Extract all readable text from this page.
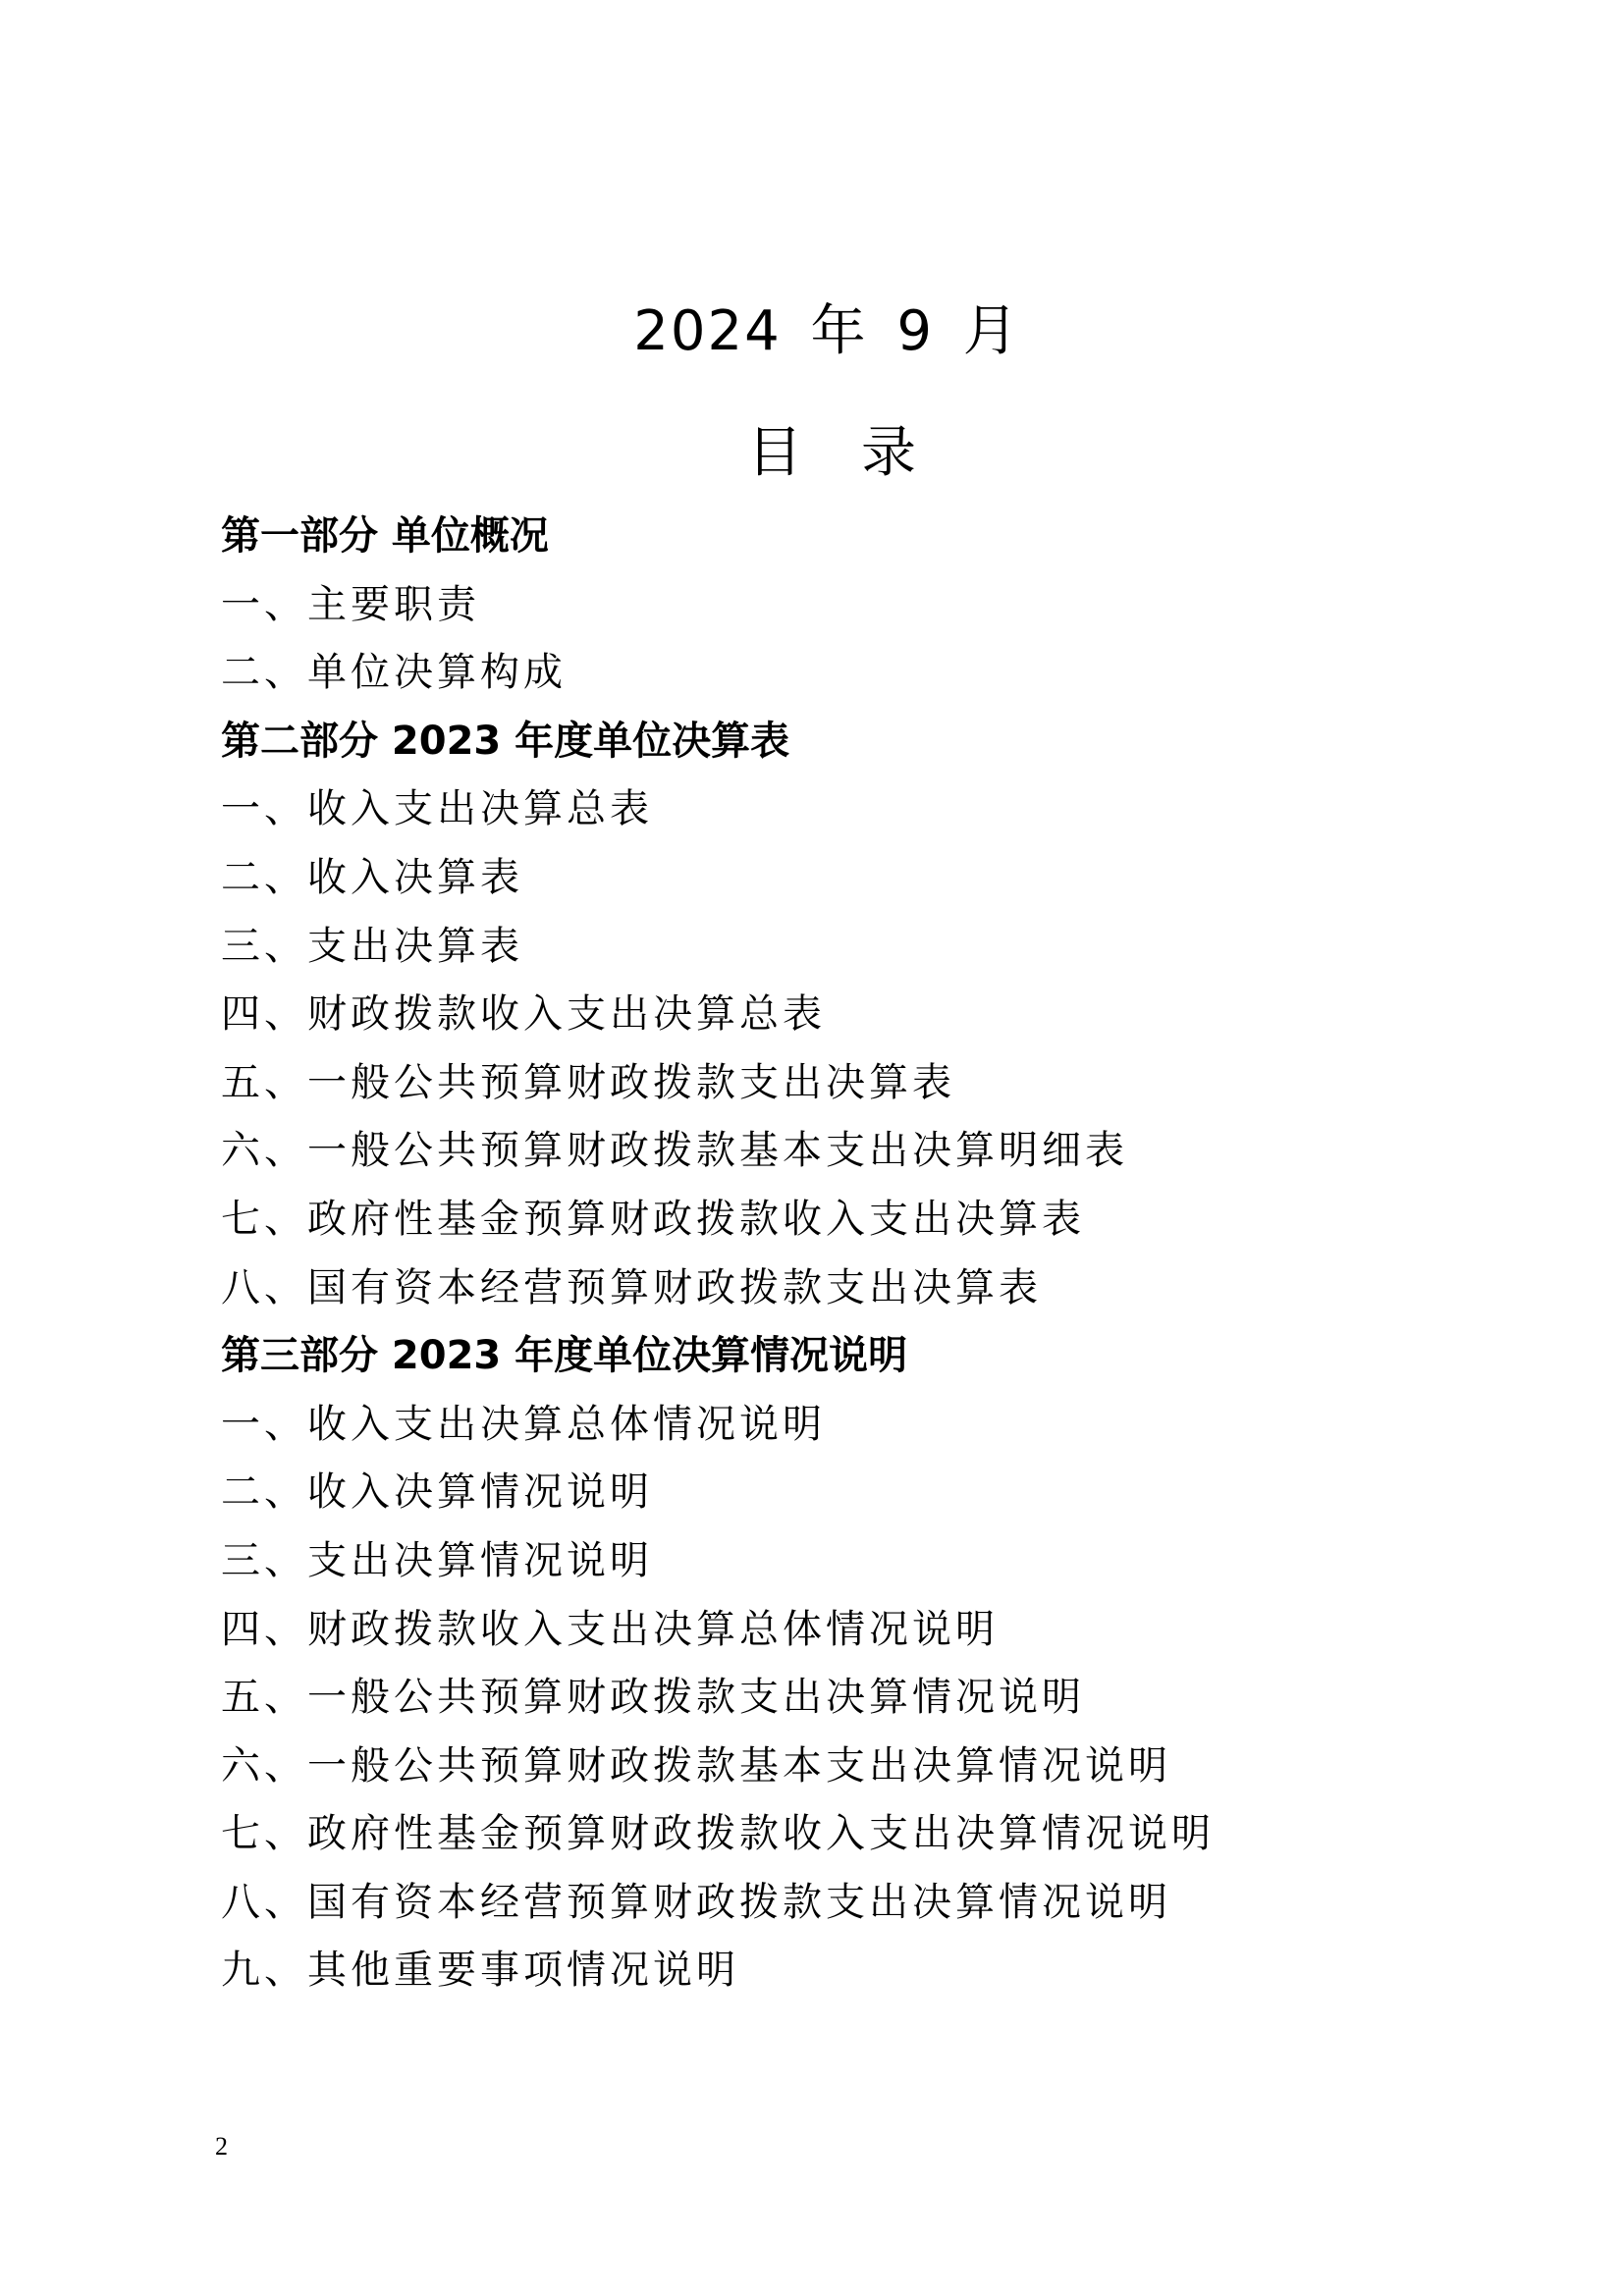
2024 年 9 月
目录
第一部分 单位概况
一、主要职责
二、单位决算构成
第二部分 2023 年度单位决算表
一、收入支出决算总表
二、收入决算表
三、支出决算表
四、财政拨款收入支出决算总表
五、一般公共预算财政拨款支出决算表
六、一般公共预算财政拨款基本支出决算明细表
七、政府性基金预算财政拨款收入支出决算表
八、国有资本经营预算财政拨款支出决算表
第三部分 2023 年度单位决算情况说明
一、收入支出决算总体情况说明
二、收入决算情况说明
三、支出决算情况说明
四、财政拨款收入支出决算总体情况说明
五、一般公共预算财政拨款支出决算情况说明
六、一般公共预算财政拨款基本支出决算情况说明
七、政府性基金预算财政拨款收入支出决算情况说明
八、国有资本经营预算财政拨款支出决算情况说明
九、其他重要事项情况说明
2
